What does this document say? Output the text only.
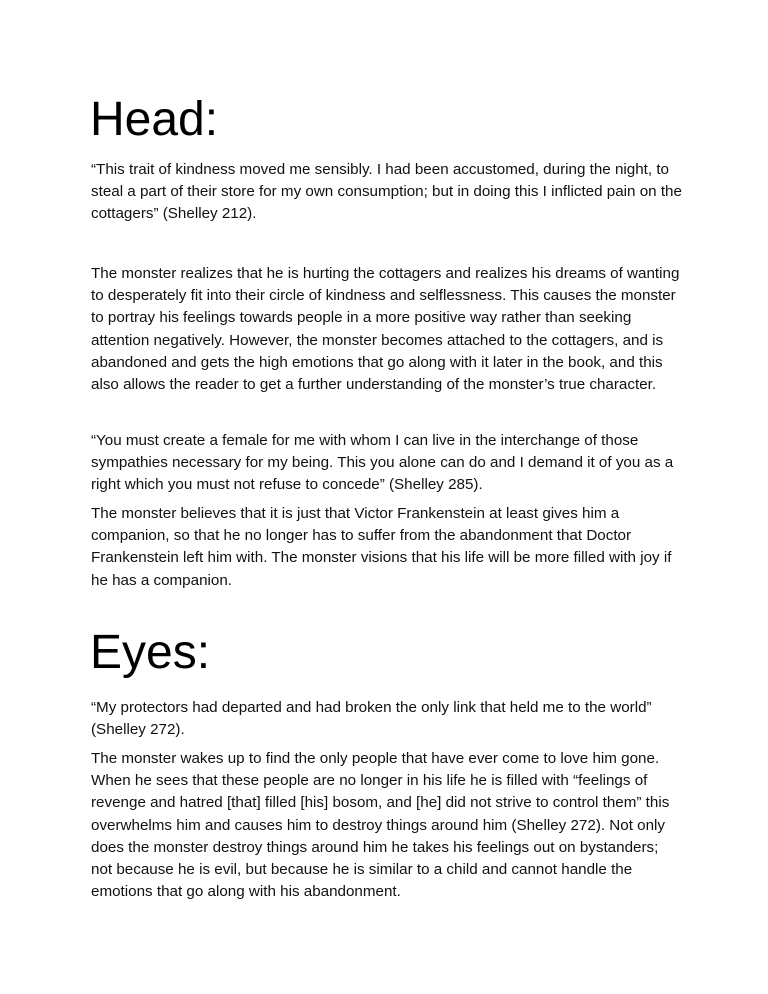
Head:
“This trait of kindness moved me sensibly. I had been accustomed, during the night, to
steal a part of their store for my own consumption; but in doing this I inflicted pain on the
cottagers” (Shelley 212).
The monster realizes that he is hurting the cottagers and realizes his dreams of wanting
to desperately fit into their circle of kindness and selflessness. This causes the monster
to portray his feelings towards people in a more positive way rather than seeking
attention negatively. However, the monster becomes attached to the cottagers, and is
abandoned and gets the high emotions that go along with it later in the book, and this
also allows the reader to get a further understanding of the monster’s true character.
“You must create a female for me with whom I can live in the interchange of those
sympathies necessary for my being. This you alone can do and I demand it of you as a
right which you must not refuse to concede” (Shelley 285).
The monster believes that it is just that Victor Frankenstein at least gives him a
companion, so that he no longer has to suffer from the abandonment that Doctor
Frankenstein left him with. The monster visions that his life will be more filled with joy if
he has a companion.
Eyes:
“My protectors had departed and had broken the only link that held me to the world”
(Shelley 272).
The monster wakes up to find the only people that have ever come to love him gone.
When he sees that these people are no longer in his life he is filled with “feelings of
revenge and hatred [that] filled [his] bosom, and [he] did not strive to control them” this
overwhelms him and causes him to destroy things around him (Shelley 272). Not only
does the monster destroy things around him he takes his feelings out on bystanders;
not because he is evil, but because he is similar to a child and cannot handle the
emotions that go along with his abandonment.
